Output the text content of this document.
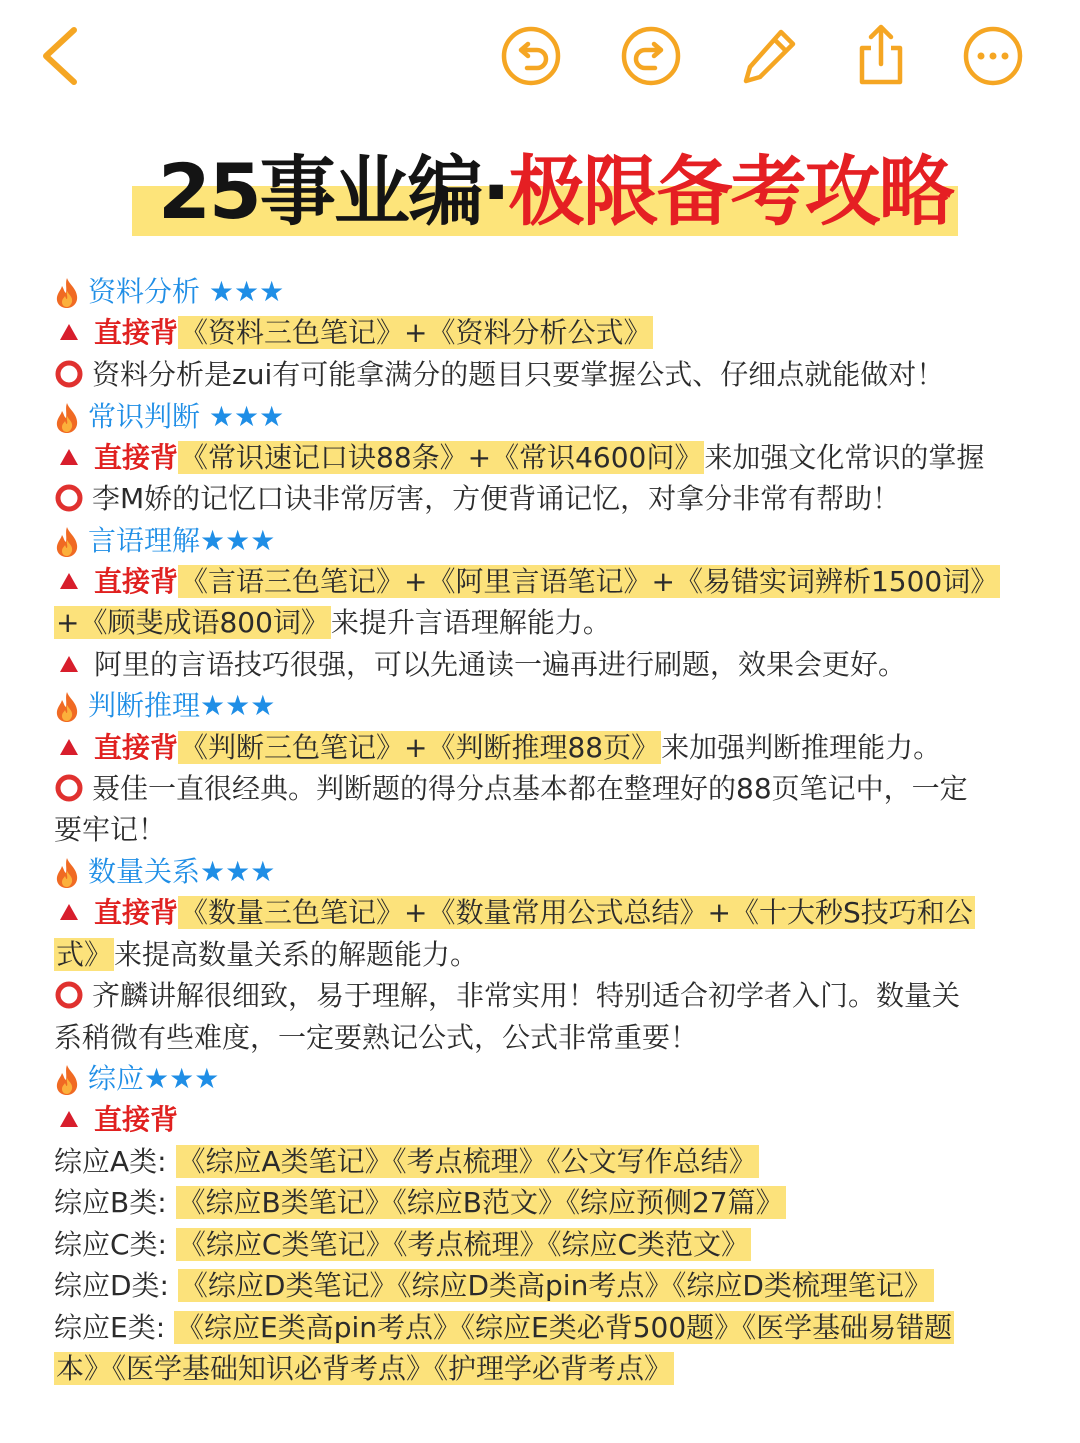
25事业编·极限备考攻略
资料分析 ★★★
直接背《资料三色笔记》+《资料分析公式》
资料分析是zui有可能拿满分的题目只要掌握公式、仔细点就能做对！
常识判断 ★★★
直接背《常识速记口诀88条》+《常识4600问》来加强文化常识的掌握
李M娇的记忆口诀非常厉害，方便背诵记忆，对拿分非常有帮助！
言语理解★★★
直接背《言语三色笔记》+《阿里言语笔记》+《易错实词辨析1500词》
+《顾斐成语800词》来提升言语理解能力。
阿里的言语技巧很强，可以先通读一遍再进行刷题，效果会更好。
判断推理★★★
直接背《判断三色笔记》+《判断推理88页》来加强判断推理能力。
聂佳一直很经典。判断题的得分点基本都在整理好的88页笔记中，一定
要牢记！
数量关系★★★
直接背《数量三色笔记》+《数量常用公式总结》+《十大秒S技巧和公
式》来提高数量关系的解题能力。
齐麟讲解很细致，易于理解，非常实用！特别适合初学者入门。数量关
系稍微有些难度，一定要熟记公式，公式非常重要！
综应★★★
直接背
综应A类: 《综应A类笔记》《考点梳理》《公文写作总结》
综应B类: 《综应B类笔记》《综应B范文》《综应预侧27篇》
综应C类: 《综应C类笔记》《考点梳理》《综应C类范文》
综应D类: 《综应D类笔记》《综应D类高pin考点》《综应D类梳理笔记》
综应E类: 《综应E类高pin考点》《综应E类必背500题》《医学基础易错题
本》《医学基础知识必背考点》《护理学必背考点》
